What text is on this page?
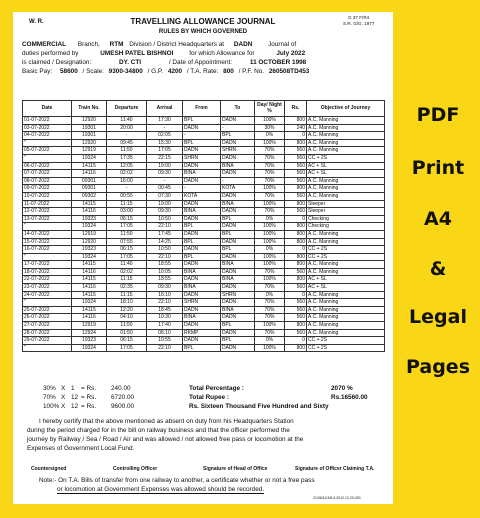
W. R.	TRAVELLING ALLOWANCE JOURNAL
RULES BY WHICH GOVERNED
G 37 F/R4
S.R. G/G. 1977
COMMERCIAL Branch, RTM Division / District Headquarters at DADN Journal of
duties performed by	UMESH PATEL BISHNOI for which Allowance for	July 2022
is claimed / Designation:	DY. CTI	/ Date of Appointment:	11 OCTOBER 1998
Basic Pay: 58600 / Scale: 9300-34800 / G.P. 4200 / T.A. Rate: 800 / P.F. No. 260508TD453
Date	Train No.	Departure	Arrival	From	To	Day/ Night %	Rs.	Objective of Journey
01-07-2022	12920	11:40	17:30	BPL	DADN	100%	800	A.C. Manning
03-07-2022	19301	20:00	-	DADN	-	30%	240	A.C. Manning
04-07-2022	19301	-	02:05	-	BPL	0%	0	A.C. Manning
"	12920	09:45	15:30	BPL	DADN	100%	800	A.C. Manning
05-07-2022	12919	11:50	17:05	DADN	SHRN	70%	560	A.C. Manning
"	19324	17:35	22:15	SHRN	DADN	70%	560	CC + 2S
06-07-2022	14115	12:05	19:00	DADN	BINA	70%	560	AC + SL
07-07-2022	14116	02:02	09:30	BINA	DADN	70%	560	AC + SL
08-07-2022	09301	16:00	-	DADN	-	70%	560	A.C. Manning
09-07-2022	09301	-	00:45	-	KOTA	100%	800	A.C. Manning
10-07-2022	09302	00:55	07:30	KOTA	DADN	70%	560	A.C. Manning
11-07-2022	14115	11:15	19:00	DADN	BINA	100%	800	Sleeper
12-07-2022	14116	03:00	09:30	BINA	DADN	70%	560	Sleeper
13-07-2022	19323	06:15	10:50	DADN	BPL	0%	0	Checking
"	19324	17:05	22:10	BPL	DADN	100%	800	Checking
14-07-2022	12919	11:50	17:45	DADN	BPL	100%	800	A.C. Manning
15-07-2022	12920	07:55	14:25	BPL	DADN	100%	800	A.C. Manning
16-07-2022	19323	06:15	10:50	DADN	BPL	0%	0	CC + 2S
"	19324	17:05	22:10	BPL	DADN	100%	800	CC + 2S
17-07-2022	14115	11:40	18:55	DADN	BINA	100%	800	A.C. Manning
18-07-2022	14116	02:02	10:05	BINA	DADN	70%	560	A.C. Manning
22-07-2022	14115	11:15	18:55	DADN	BINA	100%	800	AC + SL
23-07-2022	14116	02:35	09:30	BINA	DADN	70%	560	AC + SL
24-07-2022	14115	11:15	16:10	DADN	SHRN	0%	0	A.C. Manning
"	19324	18:10	22:10	SHRN	DADN	70%	560	A.C. Manning
25-07-2022	14115	12:20	18:45	DADN	BINA	70%	560	A.C. Manning
26-07-2022	14116	04:10	10:30	BINA	DADN	70%	560	A.C. Manning
27-07-2022	12919	11:50	17:40	DADN	BPL	100%	800	A.C. Manning
28-07-2022	12924	01:50	06:10	RKMP	DADN	70%	560	A.C. Manning
29-07-2022	19323	06:15	10:55	DADN	BPL	0%	0	CC + 2S
"	19324	17:05	22:10	BPL	DADN	100%	800	CC + 2S
30% X 1 = Rs. 240.00
70% X 12 = Rs. 6720.00
100% X 12 = Rs. 9600.00
Total Percentage :	2070 %
Total Rupee :	Rs.16560.00
Rs. Sixteen Thousand Five Hundred and Sixty
I hereby certify that the above mentioned as absent on duty from his Headquarters Station
during the period charged for in the bill on railway business and that the officer performed the
journey by Railway / Sea / Road / Air and was allowed / not allowed free pass or locomotion at the
Expenses of Government Local Fund.
Countersigned	Controlling Officer	Signature of Head of Office	Signature of Officer Claiming T.A.
Note:- On T.A. Bills of transfer from one railway to another, a certificate whether or not a free pass
or locomotion at Government Expenses was allowed should be recorded.
21/06/11/4/8.4-2012,12,20,000
PDF
Print
A4
&
Legal
Pages
